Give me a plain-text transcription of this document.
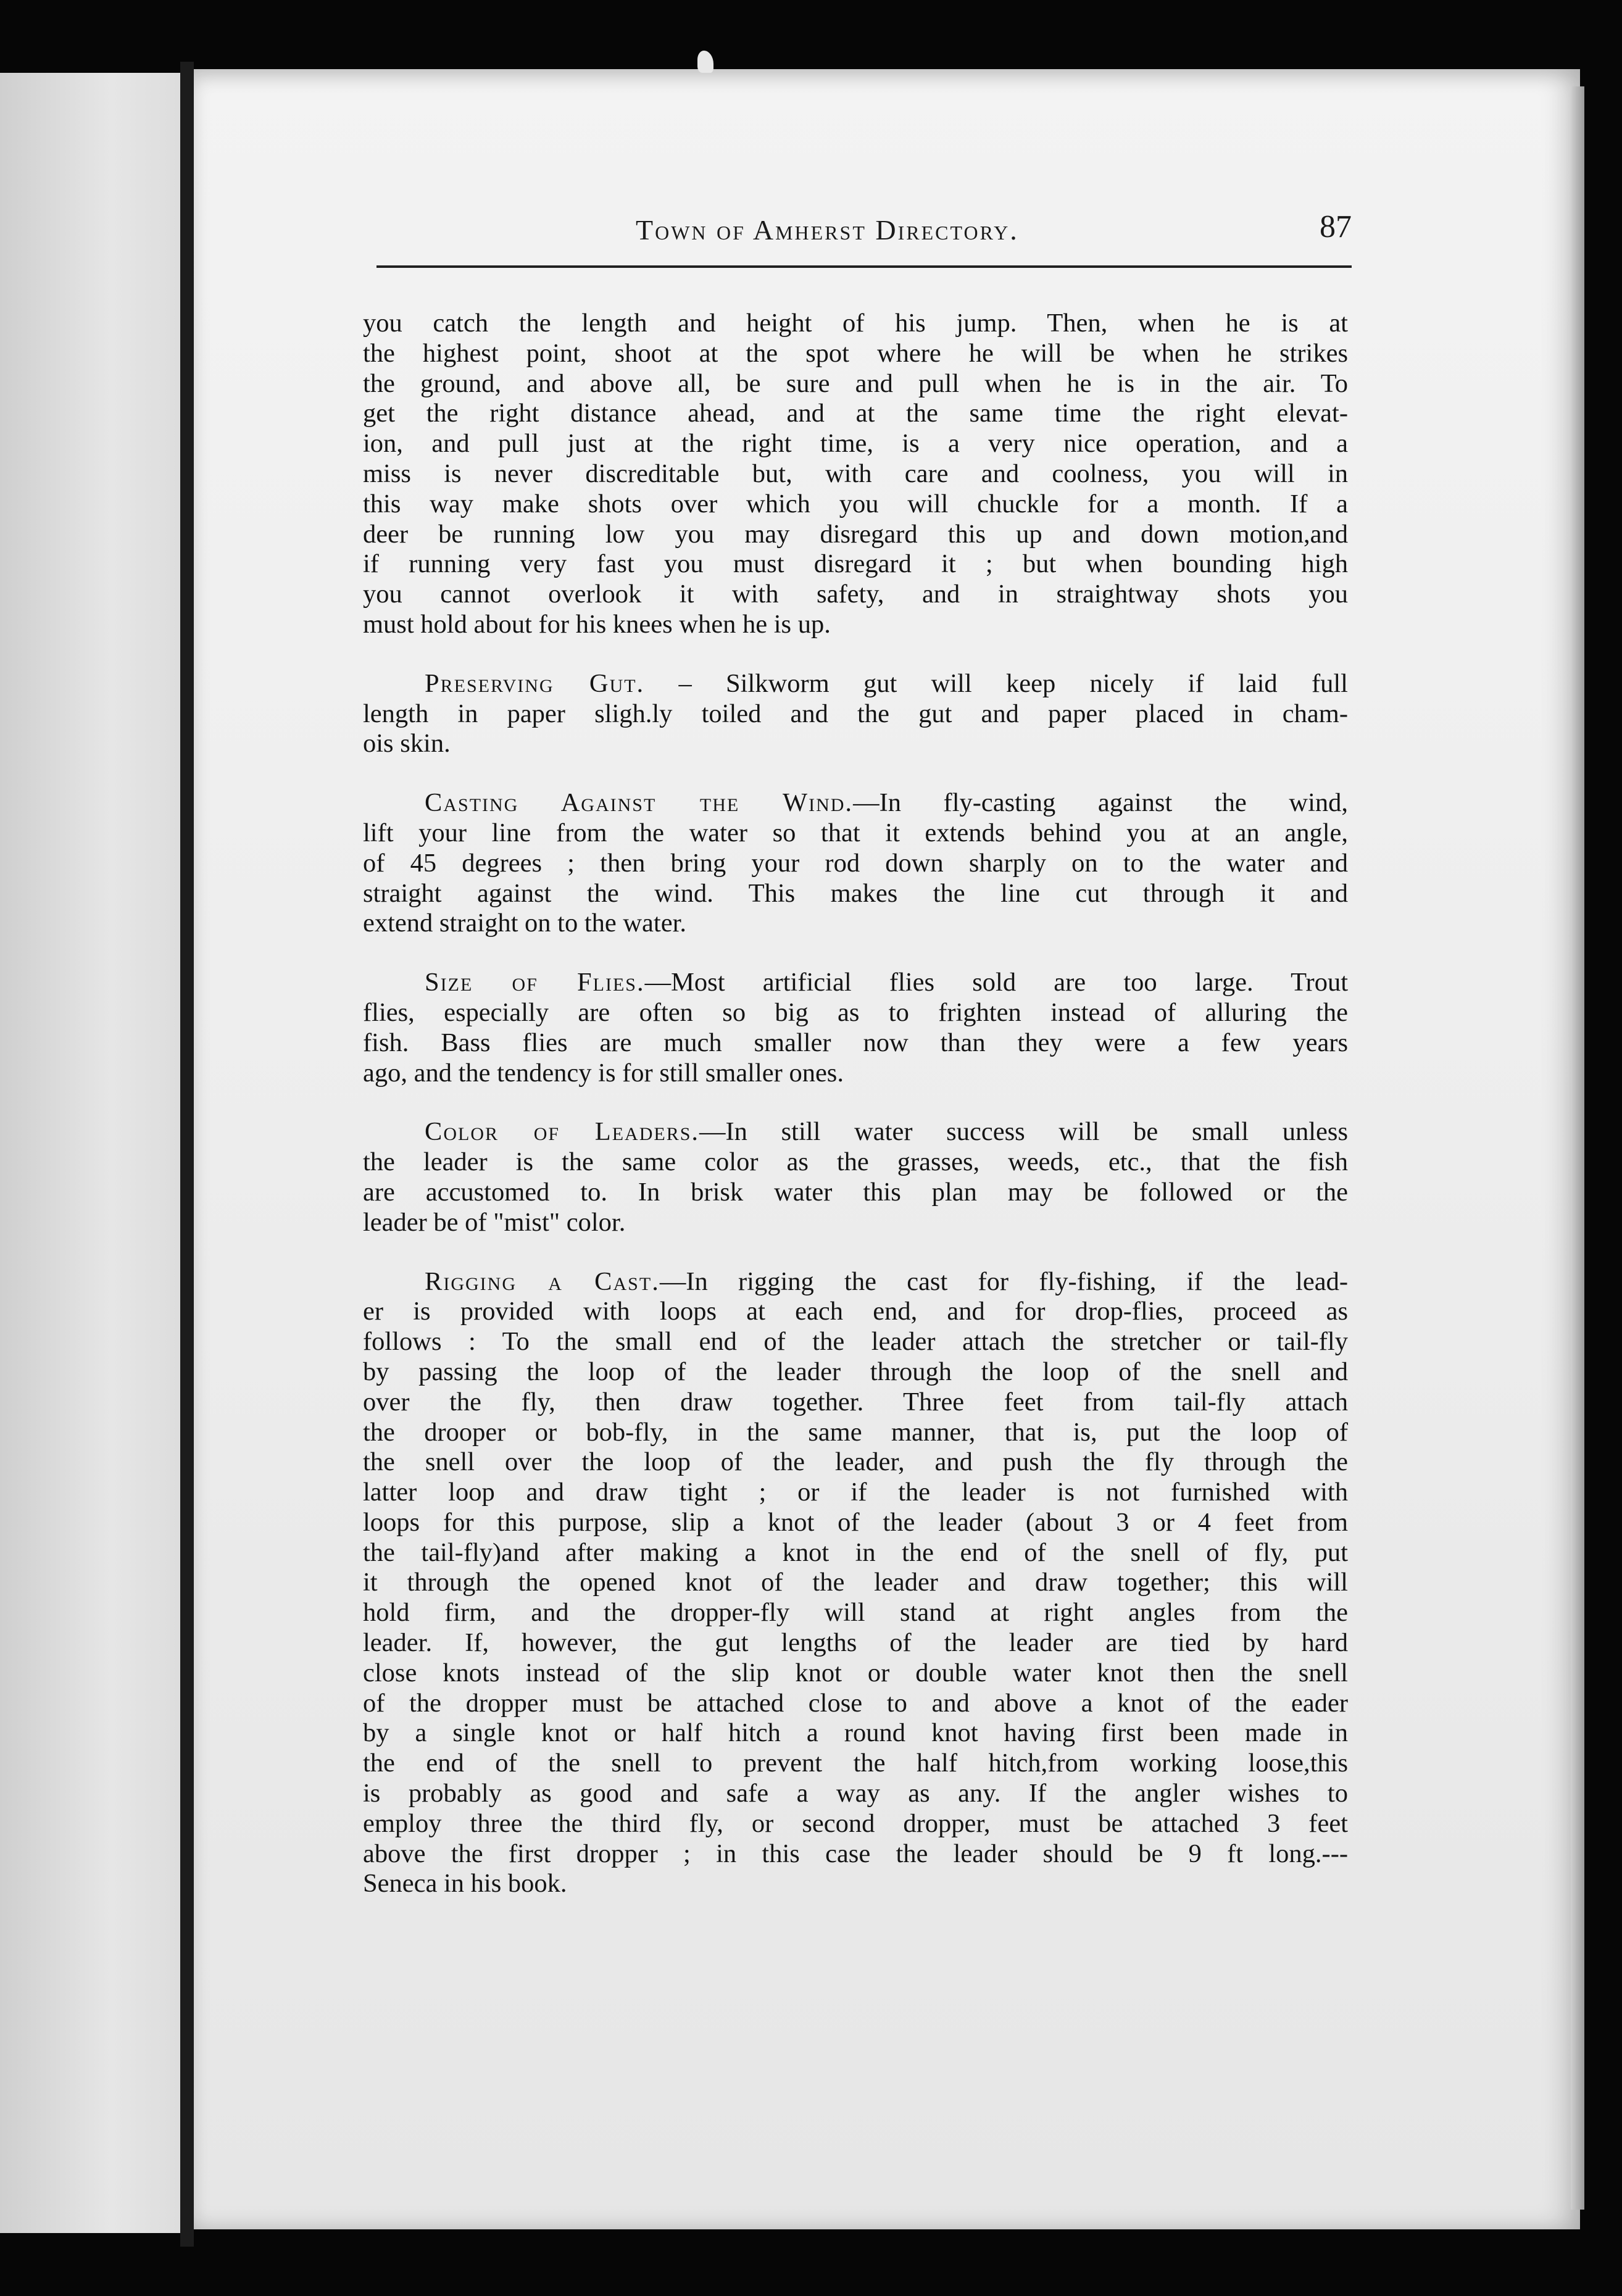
Town of Amherst Directory.	87
you catch the length and height of his jump. Then, when he is at
the highest point, shoot at the spot where he will be when he strikes
the ground, and above all, be sure and pull when he is in the air. To
get the right distance ahead, and at the same time the right elevat-
ion, and pull just at the right time, is a very nice operation, and a
miss is never discreditable but, with care and coolness, you will in
this way make shots over which you will chuckle for a month. If a
deer be running low you may disregard this up and down motion,and
if running very fast you must disregard it ; but when bounding high
you cannot overlook it with safety, and in straightway shots you
must hold about for his knees when he is up.
Preserving Gut. – Silkworm gut will keep nicely if laid full
length in paper sligh.ly toiled and the gut and paper placed in cham-
ois skin.
Casting Against the Wind.—In fly-casting against the wind,
lift your line from the water so that it extends behind you at an angle,
of 45 degrees ; then bring your rod down sharply on to the water and
straight against the wind. This makes the line cut through it and
extend straight on to the water.
Size of Flies.—Most artificial flies sold are too large. Trout
flies, especially are often so big as to frighten instead of alluring the
fish. Bass flies are much smaller now than they were a few years
ago, and the tendency is for still smaller ones.
Color of Leaders.—In still water success will be small unless
the leader is the same color as the grasses, weeds, etc., that the fish
are accustomed to. In brisk water this plan may be followed or the
leader be of "mist" color.
Rigging a Cast.—In rigging the cast for fly-fishing, if the lead-
er is provided with loops at each end, and for drop-flies, proceed as
follows : To the small end of the leader attach the stretcher or tail-fly
by passing the loop of the leader through the loop of the snell and
over the fly, then draw together. Three feet from tail-fly attach
the drooper or bob-fly, in the same manner, that is, put the loop of
the snell over the loop of the leader, and push the fly through the
latter loop and draw tight ; or if the leader is not furnished with
loops for this purpose, slip a knot of the leader (about 3 or 4 feet from
the tail-fly)and after making a knot in the end of the snell of fly, put
it through the opened knot of the leader and draw together; this will
hold firm, and the dropper-fly will stand at right angles from the
leader. If, however, the gut lengths of the leader are tied by hard
close knots instead of the slip knot or double water knot then the snell
of the dropper must be attached close to and above a knot of the eader
by a single knot or half hitch a round knot having first been made in
the end of the snell to prevent the half hitch,from working loose,this
is probably as good and safe a way as any. If the angler wishes to
employ three the third fly, or second dropper, must be attached 3 feet
above the first dropper ; in this case the leader should be 9 ft long.---
Seneca in his book.
